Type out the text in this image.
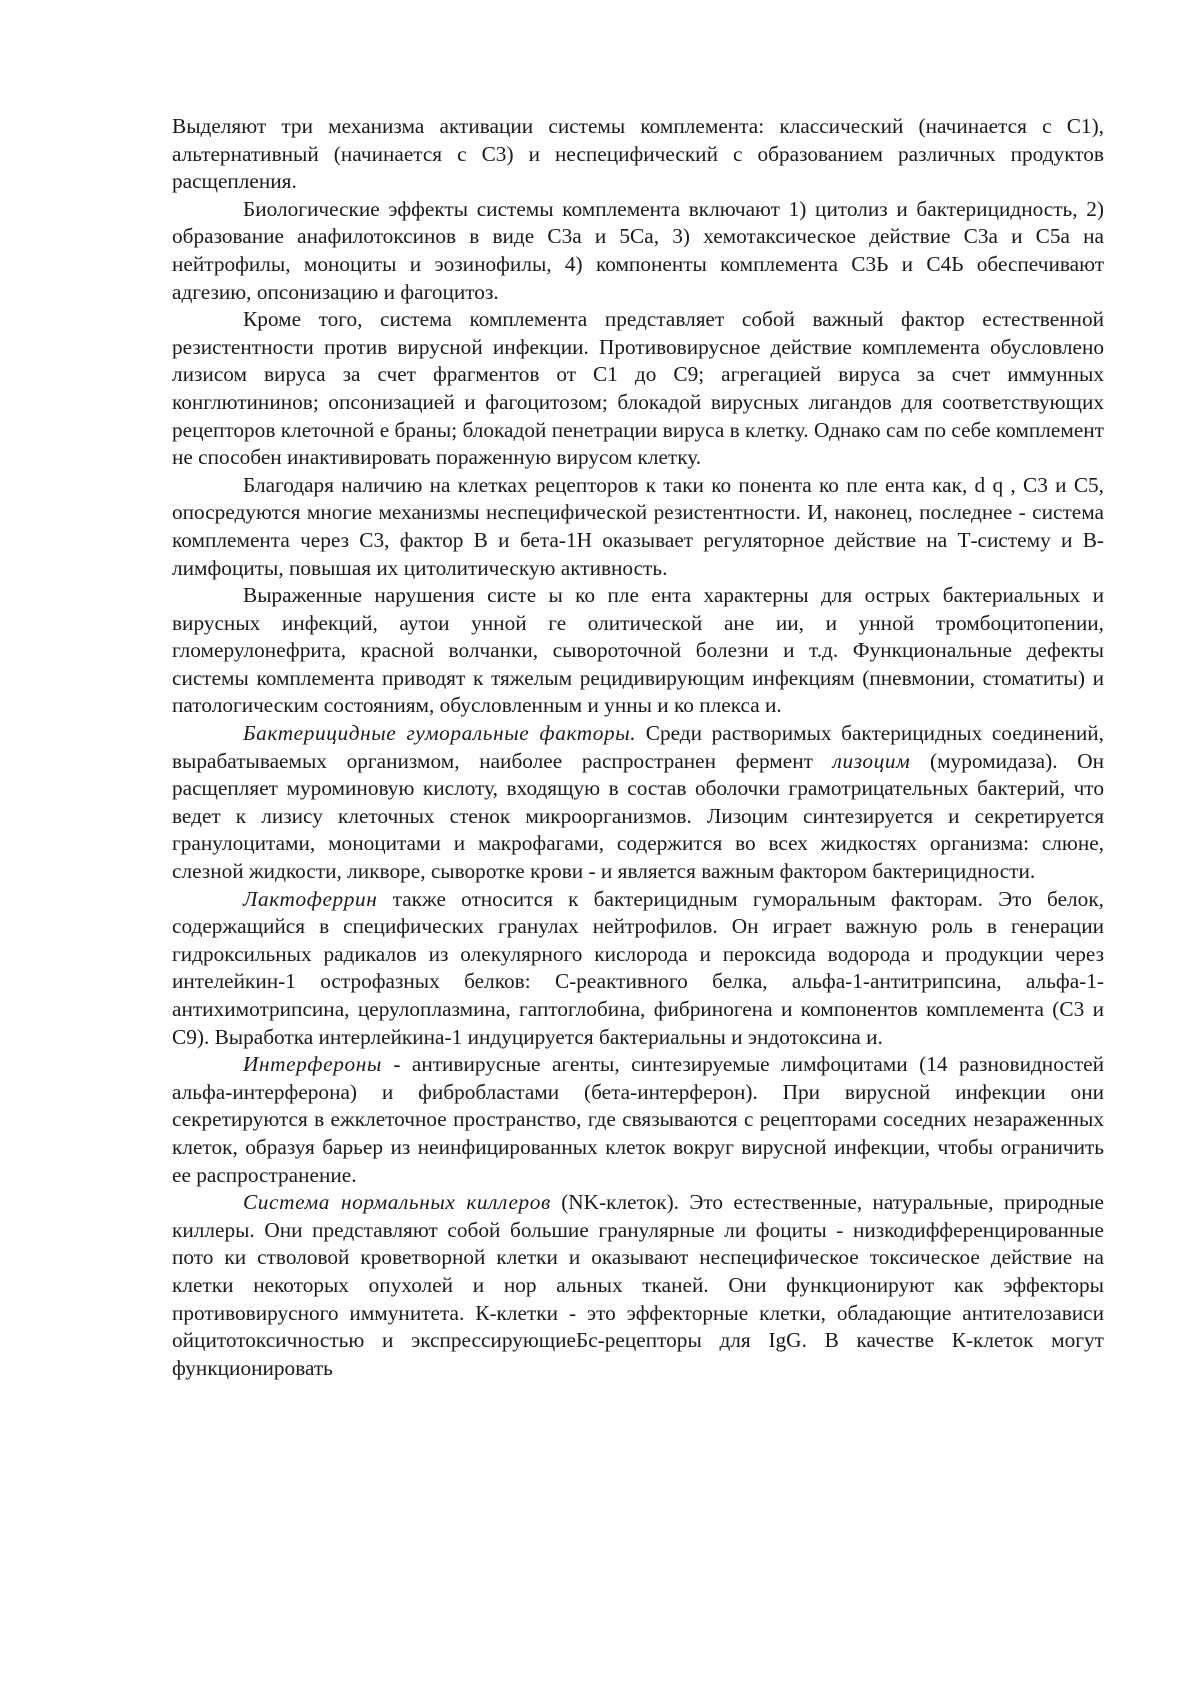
Выделяют три механизма активации системы комплемента: классический (начинается с С1), альтернативный (начинается с С3) и неспецифический с образованием различных продуктов расщепления.

Биологические эффекты системы комплемента включают 1) цитолиз и бактерицидность, 2) образование анафилотоксинов в виде С3а и 5Са, 3) хемотаксическое действие С3а и С5а на нейтрофилы, моноциты и эозинофилы, 4) компоненты комплемента С3Ь и С4Ь обеспечивают адгезию, опсонизацию и фагоцитоз.

Кроме того, система комплемента представляет собой важный фактор естественной резистентности против вирусной инфекции. Противовирусное действие комплемента обусловлено лизисом вируса за счет фрагментов от С1 до С9; агрегацией вируса за счет иммунных конглютининов; опсонизацией и фагоцитозом; блокадой вирусных лигандов для соответствующих рецепторов клеточной е браны; блокадой пенетрации вируса в клетку. Однако сам по себе комплемент не способен инактивировать пораженную вирусом клетку.

Благодаря наличию на клетках рецепторов к таки ко понента ко пле ента как, d q , С3 и С5, опосредуются многие механизмы неспецифической резистентности. И, наконец, последнее - система комплемента через С3, фактор В и бета-1Н оказывает регуляторное действие на Т-систему и В-лимфоциты, повышая их цитолитическую активность.

Выраженные нарушения систе ы ко пле ента характерны для острых бактериальных и вирусных инфекций, аутои унной ге олитической ане ии, и унной тромбоцитопении, гломерулонефрита, красной волчанки, сывороточной болезни и т.д. Функциональные дефекты системы комплемента приводят к тяжелым рецидивирующим инфекциям (пневмонии, стоматиты) и патологическим состояниям, обусловленным и унны и ко плекса и.

Бактерицидные гуморальные факторы. Среди растворимых бактерицидных соединений, вырабатываемых организмом, наиболее распространен фермент лизоцим (муромидаза). Он расщепляет муроминовую кислоту, входящую в состав оболочки грамотрицательных бактерий, что ведет к лизису клеточных стенок микроорганизмов. Лизоцим синтезируется и секретируется гранулоцитами, моноцитами и макрофагами, содержится во всех жидкостях организма: слюне, слезной жидкости, ликворе, сыворотке крови - и является важным фактором бактерицидности.

Лактоферрин также относится к бактерицидным гуморальным факторам. Это белок, содержащийся в специфических гранулах нейтрофилов. Он играет важную роль в генерации гидроксильных радикалов из олекулярного кислорода и пероксида водорода и продукции через интелейкин-1 острофазных белков: С-реактивного белка, альфа-1-антитрипсина, альфа-1-антихимотрипсина, церулоплазмина, гаптоглобина, фибриногена и компонентов комплемента (С3 и С9). Выработка интерлейкина-1 индуцируется бактериальны и эндотоксина и.

Интерфероны - антивирусные агенты, синтезируемые лимфоцитами (14 разновидностей альфа-интерферона) и фибробластами (бета-интерферон). При вирусной инфекции они секретируются в ежклеточное пространство, где связываются с рецепторами соседних незараженных клеток, образуя барьер из неинфицированных клеток вокруг вирусной инфекции, чтобы ограничить ее распространение.

Система нормальных киллеров (NK-клеток). Это естественные, натуральные, природные киллеры. Они представляют собой большие гранулярные ли фоциты - низкодифференцированные пото ки стволовой кроветворной клетки и оказывают неспецифическое токсическое действие на клетки некоторых опухолей и нор альных тканей. Они функционируют как эффекторы противовирусного иммунитета. К-клетки - это эффекторные клетки, обладающие антителозависи ойцитотоксичностью и экспрессирующиеБс-рецепторы для IgG. В качестве К-клеток могут функционировать
